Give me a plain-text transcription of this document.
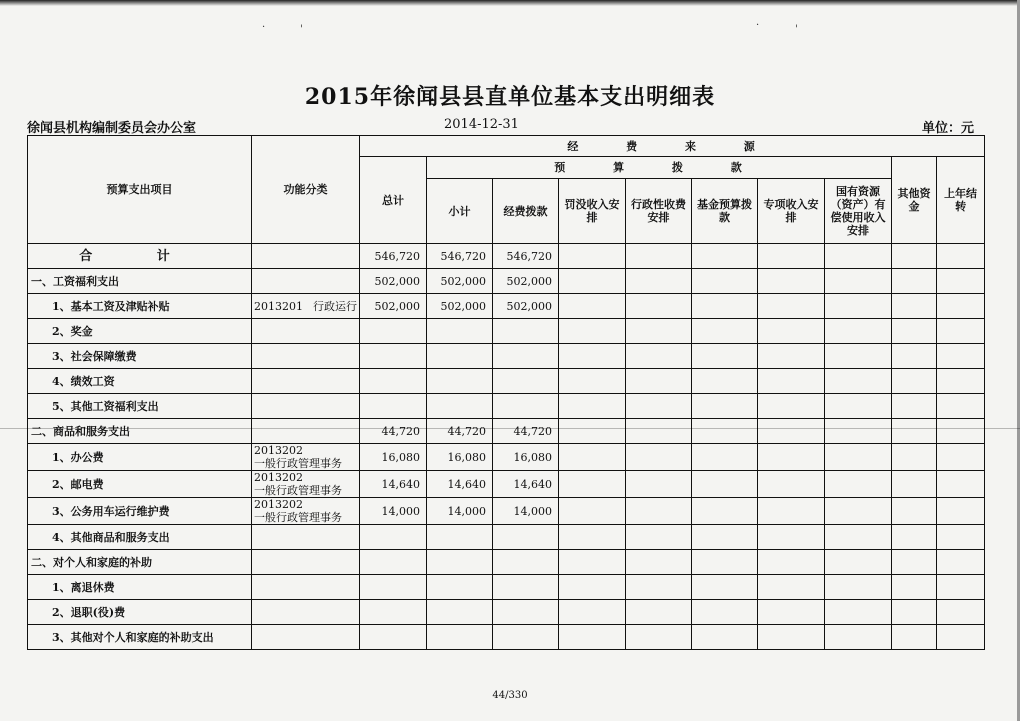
·	'	·	'
2015年徐闻县县直单位基本支出明细表
徐闻县机构编制委员会办公室	2014-12-31	单位：元
预算支出项目	功能分类	经 费 来 源									
		总计	预 算 拨 款							其他资金	上年结转
			小计	经费拨款	罚没收入安排	行政性收费安排	基金预算拨款	专项收入安排	国有资源（资产）有偿使用收入安排		
合 计		546,720	546,720	546,720							
一、工资福利支出		502,000	502,000	502,000							
1、基本工资及津贴补贴	2013201 行政运行	502,000	502,000	502,000							
2、奖金											
3、社会保障缴费											
4、绩效工资											
5、其他工资福利支出											
二、商品和服务支出		44,720	44,720	44,720							
1、办公费	2013202一般行政管理事务	16,080	16,080	16,080							
2、邮电费	2013202一般行政管理事务	14,640	14,640	14,640							
3、公务用车运行维护费	2013202一般行政管理事务	14,000	14,000	14,000							
4、其他商品和服务支出											
二、对个人和家庭的补助											
1、离退休费											
2、退职(役)费											
3、其他对个人和家庭的补助支出											
44/330
